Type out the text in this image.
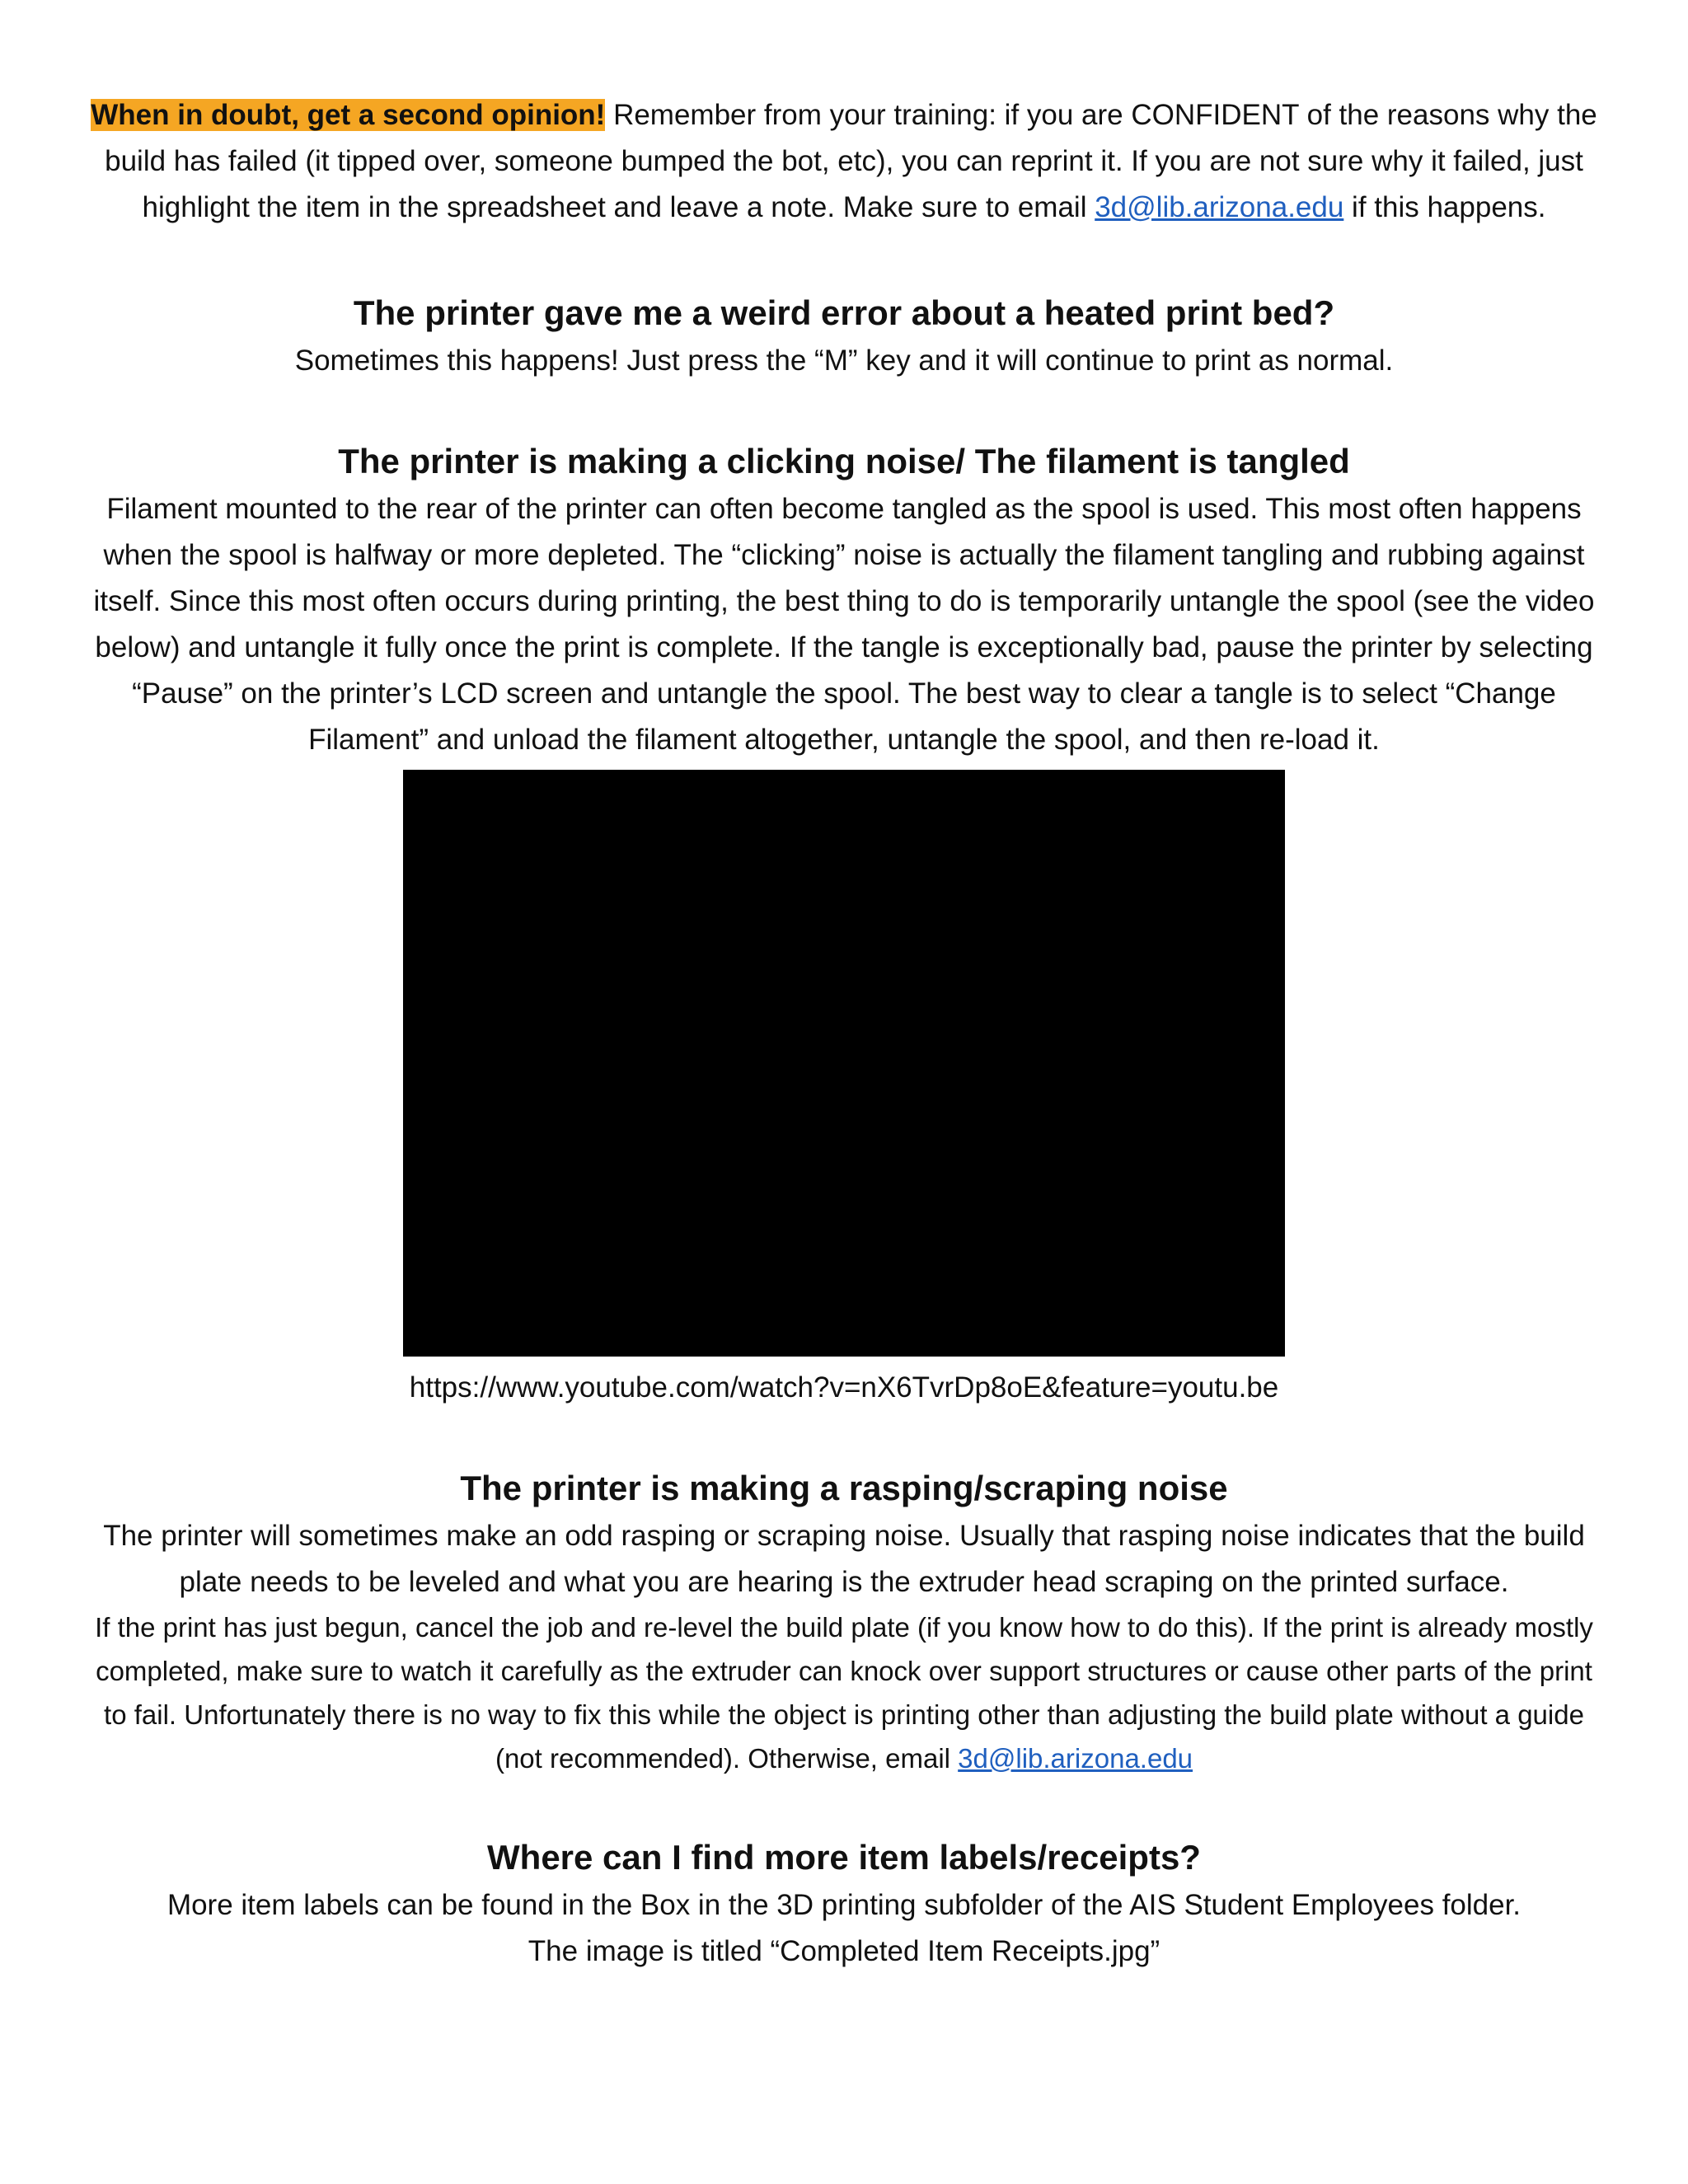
When in doubt, get a second opinion! Remember from your training: if you are CONFIDENT of the reasons why the build has failed (it tipped over, someone bumped the bot, etc), you can reprint it. If you are not sure why it failed, just highlight the item in the spreadsheet and leave a note. Make sure to email 3d@lib.arizona.edu if this happens.

The printer gave me a weird error about a heated print bed?

Sometimes this happens! Just press the “M” key and it will continue to print as normal.

The printer is making a clicking noise/ The filament is tangled

Filament mounted to the rear of the printer can often become tangled as the spool is used. This most often happens when the spool is halfway or more depleted. The “clicking” noise is actually the filament tangling and rubbing against itself. Since this most often occurs during printing, the best thing to do is temporarily untangle the spool (see the video below) and untangle it fully once the print is complete. If the tangle is exceptionally bad, pause the printer by selecting “Pause” on the printer’s LCD screen and untangle the spool. The best way to clear a tangle is to select “Change Filament” and unload the filament altogether, untangle the spool, and then re-load it.

https://www.youtube.com/watch?v=nX6TvrDp8oE&feature=youtu.be

The printer is making a rasping/scraping noise

The printer will sometimes make an odd rasping or scraping noise. Usually that rasping noise indicates that the build plate needs to be leveled and what you are hearing is the extruder head scraping on the printed surface.

If the print has just begun, cancel the job and re-level the build plate (if you know how to do this). If the print is already mostly completed, make sure to watch it carefully as the extruder can knock over support structures or cause other parts of the print to fail. Unfortunately there is no way to fix this while the object is printing other than adjusting the build plate without a guide (not recommended). Otherwise, email 3d@lib.arizona.edu

Where can I find more item labels/receipts?

More item labels can be found in the Box in the 3D printing subfolder of the AIS Student Employees folder.

The image is titled “Completed Item Receipts.jpg”
